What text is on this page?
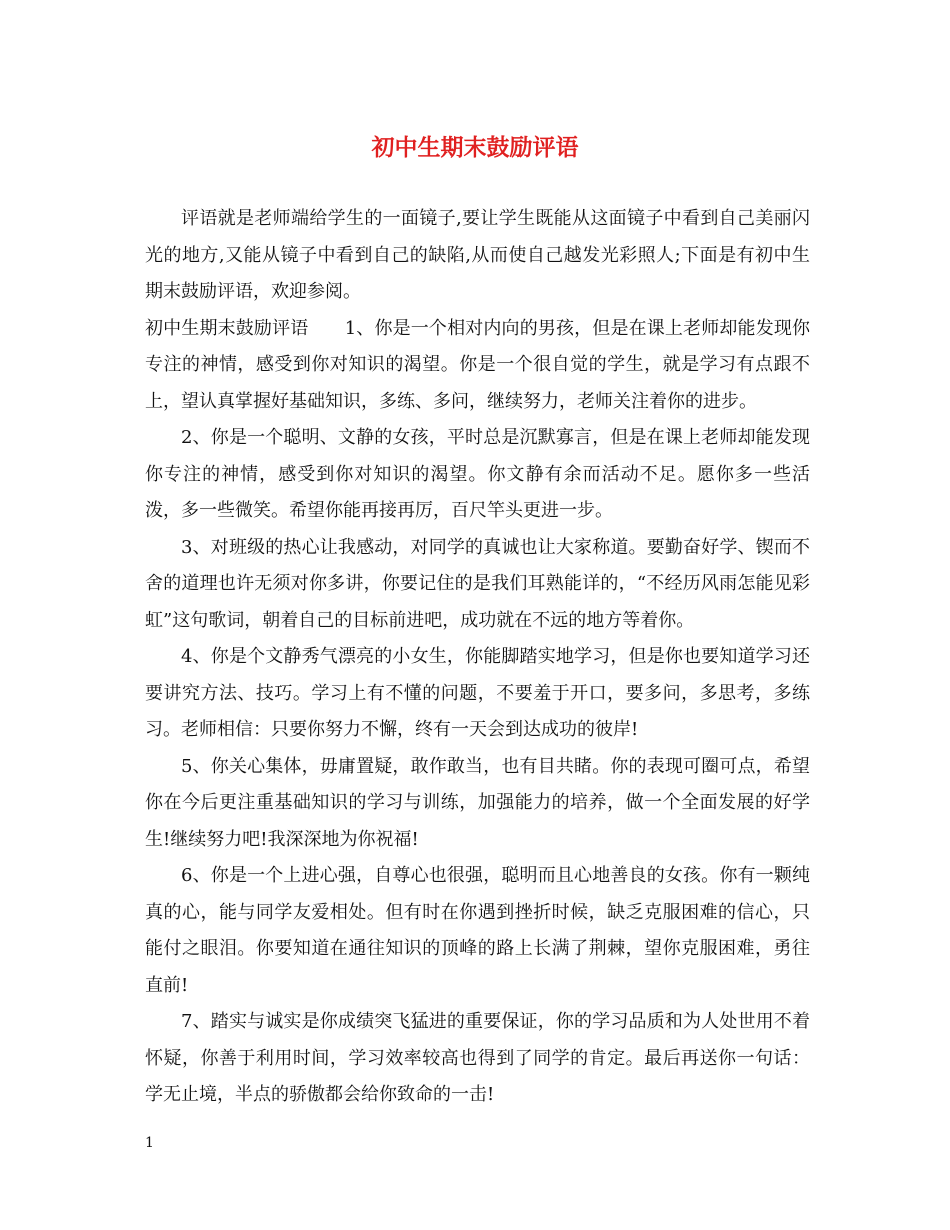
初中生期末鼓励评语

评语就是老师端给学生的一面镜子,要让学生既能从这面镜子中看到自己美丽闪光的地方,又能从镜子中看到自己的缺陷,从而使自己越发光彩照人;下面是有初中生期末鼓励评语，欢迎参阅。

初中生期末鼓励评语　　 1、你是一个相对内向的男孩，但是在课上老师却能发现你专注的神情，感受到你对知识的渴望。你是一个很自觉的学生，就是学习有点跟不上，望认真掌握好基础知识，多练、多问，继续努力，老师关注着你的进步。

2、你是一个聪明、文静的女孩，平时总是沉默寡言，但是在课上老师却能发现你专注的神情，感受到你对知识的渴望。你文静有余而活动不足。愿你多一些活泼，多一些微笑。希望你能再接再厉，百尺竿头更进一步。

3、对班级的热心让我感动，对同学的真诚也让大家称道。要勤奋好学、锲而不舍的道理也许无须对你多讲，你要记住的是我们耳熟能详的，“不经历风雨怎能见彩虹”这句歌词，朝着自己的目标前进吧，成功就在不远的地方等着你。

4、你是个文静秀气漂亮的小女生，你能脚踏实地学习，但是你也要知道学习还要讲究方法、技巧。学习上有不懂的问题，不要羞于开口，要多问，多思考，多练习。老师相信：只要你努力不懈，终有一天会到达成功的彼岸!

5、你关心集体，毋庸置疑，敢作敢当，也有目共睹。你的表现可圈可点，希望你在今后更注重基础知识的学习与训练，加强能力的培养，做一个全面发展的好学生!继续努力吧!我深深地为你祝福!

6、你是一个上进心强，自尊心也很强，聪明而且心地善良的女孩。你有一颗纯真的心，能与同学友爱相处。但有时在你遇到挫折时候，缺乏克服困难的信心，只能付之眼泪。你要知道在通往知识的顶峰的路上长满了荆棘，望你克服困难，勇往直前!

7、踏实与诚实是你成绩突飞猛进的重要保证，你的学习品质和为人处世用不着怀疑，你善于利用时间，学习效率较高也得到了同学的肯定。最后再送你一句话：学无止境，半点的骄傲都会给你致命的一击!

1
